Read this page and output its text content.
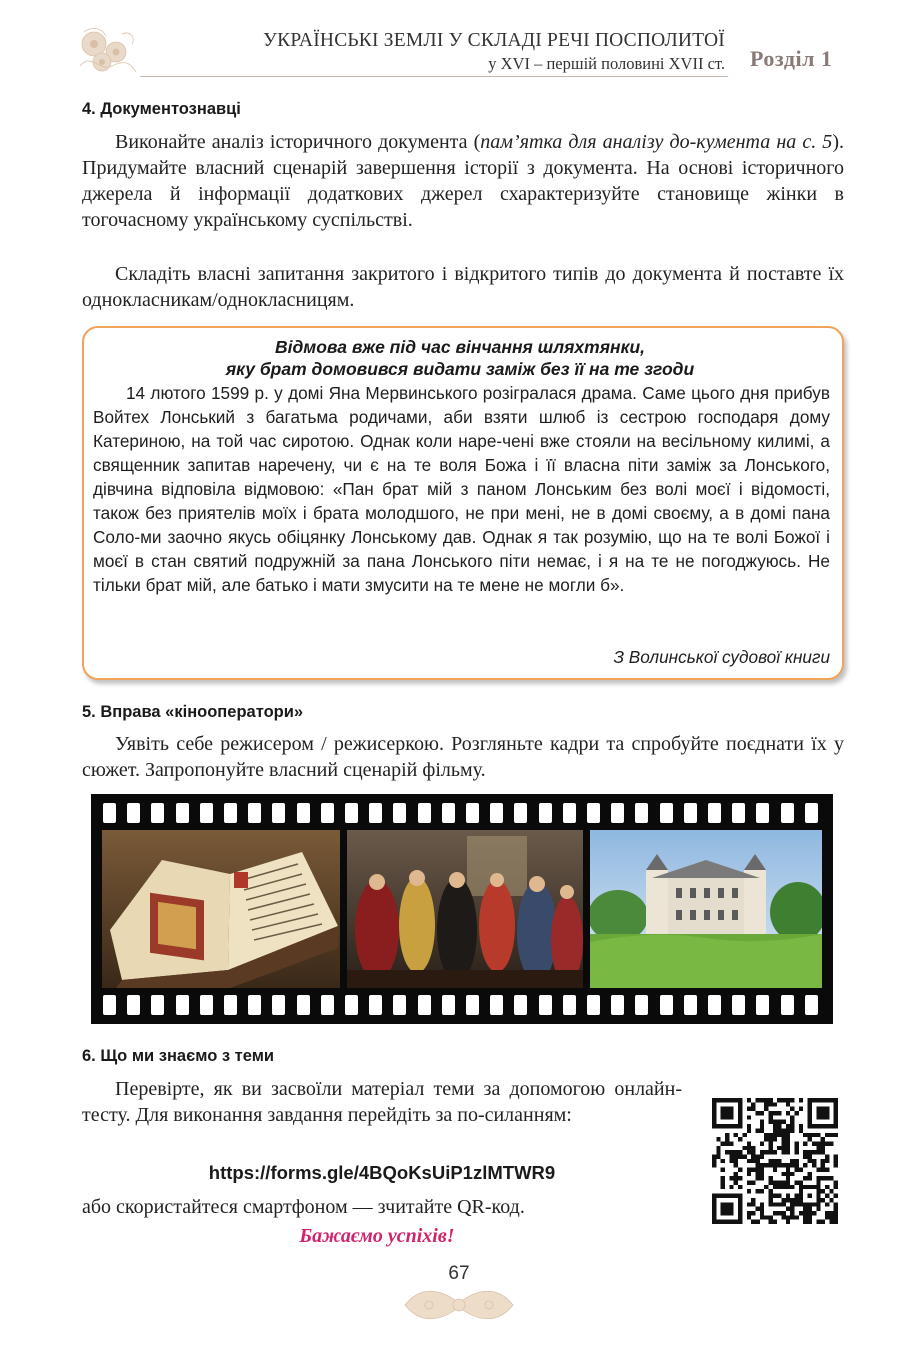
УКРАЇНСЬКІ ЗЕМЛІ У СКЛАДІ РЕЧІ ПОСПОЛИТОЇ
у XVI – першій половині XVII ст. Розділ 1
4. Документознавці
Виконайте аналіз історичного документа (пам’ятка для аналізу до-кумента на с. 5). Придумайте власний сценарій завершення історії з документа. На основі історичного джерела й інформації додаткових джерел схарактеризуйте становище жінки в тогочасному українському суспільстві.
Складіть власні запитання закритого і відкритого типів до документа й поставте їх однокласникам/однокласницям.
Відмова вже під час вінчання шляхтянки,
яку брат домовився видати заміж без її на те згоди
14 лютого 1599 р. у домі Яна Мервинського розігралася драма. Саме цього дня прибув Войтех Лонський з багатьма родичами, аби взяти шлюб із сестрою господаря дому Катериною, на той час сиротою. Однак коли наре-чені вже стояли на весільному килимі, а священник запитав наречену, чи є на те воля Божа і її власна піти заміж за Лонського, дівчина відповіла відмовою: «Пан брат мій з паном Лонським без волі моєї і відомості, також без приятелів моїх і брата молодшого, не при мені, не в домі своєму, а в домі пана Соло-ми заочно якусь обіцянку Лонському дав. Однак я так розумію, що на те волі Божої і моєї в стан святий подружній за пана Лонського піти немає, і я на те не погоджуюсь. Не тільки брат мій, але батько і мати змусити на те мене не могли б».
З Волинської судової книги
5. Вправа «кінооператори»
Уявіть себе режисером / режисеркою. Розгляньте кадри та спробуйте поєднати їх у сюжет. Запропонуйте власний сценарій фільму.
6. Що ми знаємо з теми
Перевірте, як ви засвоїли матеріал теми за допомогою онлайн-тесту. Для виконання завдання перейдіть за по-силанням:
https://forms.gle/4BQoKsUiP1zlMTWR9
або скористайтеся смартфоном — зчитайте QR-код.
Бажаємо успіхів!
67
